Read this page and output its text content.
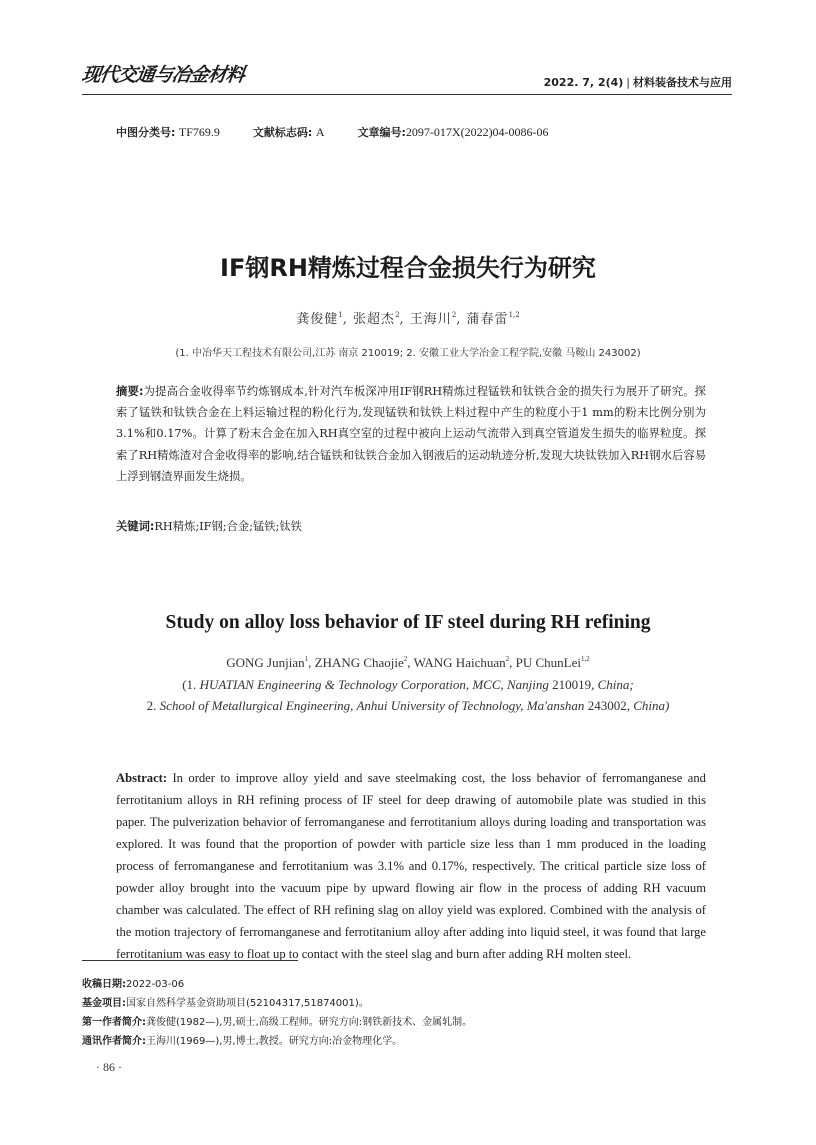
现代交通与冶金材料	2022. 7, 2(4) | 材料装备技术与应用
中图分类号: TF769.9	文献标志码: A	文章编号:2097-017X(2022)04-0086-06
IF钢RH精炼过程合金损失行为研究
龚俊健$^1$, 张超杰$^2$, 王海川$^2$, 蒲春雷$^{1,2}$
(1. 中冶华天工程技术有限公司,江苏 南京 210019; 2. 安徽工业大学冶金工程学院,安徽 马鞍山 243002)
摘要:为提高合金收得率节约炼钢成本,针对汽车板深冲用IF钢RH精炼过程锰铁和钛铁合金的损失行为展开了研究。探索了锰铁和钛铁合金在上料运输过程的粉化行为,发现锰铁和钛铁上料过程中产生的粒度小于1 mm的粉末比例分别为3.1%和0.17%。计算了粉末合金在加入RH真空室的过程中被向上运动气流带入到真空管道发生损失的临界粒度。探索了RH精炼渣对合金收得率的影响,结合锰铁和钛铁合金加入钢液后的运动轨迹分析,发现大块钛铁加入RH钢水后容易上浮到钢渣界面发生烧损。
关键词:RH精炼;IF钢;合金;锰铁;钛铁
Study on alloy loss behavior of IF steel during RH refining
GONG Junjian$^1$, ZHANG Chaojie$^2$, WANG Haichuan$^2$, PU ChunLei$^{1,2}$
(1. HUATIAN Engineering & Technology Corporation, MCC, Nanjing 210019, China;
2. School of Metallurgical Engineering, Anhui University of Technology, Ma'anshan 243002, China)
Abstract: In order to improve alloy yield and save steelmaking cost, the loss behavior of ferromanganese and ferrotitanium alloys in RH refining process of IF steel for deep drawing of automobile plate was studied in this paper. The pulverization behavior of ferromanganese and ferrotitanium alloys during loading and transportation was explored. It was found that the proportion of powder with particle size less than 1 mm produced in the loading process of ferromanganese and ferrotitanium was 3.1% and 0.17%, respectively. The critical particle size loss of powder alloy brought into the vacuum pipe by upward flowing air flow in the process of adding RH vacuum chamber was calculated. The effect of RH refining slag on alloy yield was explored. Combined with the analysis of the motion trajectory of ferromanganese and ferrotitanium alloy after adding into liquid steel, it was found that large ferrotitanium was easy to float up to contact with the steel slag and burn after adding RH molten steel.
收稿日期:2022-03-06
基金项目:国家自然科学基金资助项目(52104317,51874001)。
第一作者简介:龚俊健(1982—),男,硕士,高级工程师。研究方向:钢铁新技术、金属轧制。
通讯作者简介:王海川(1969—),男,博士,教授。研究方向:冶金物理化学。
· 86 ·
